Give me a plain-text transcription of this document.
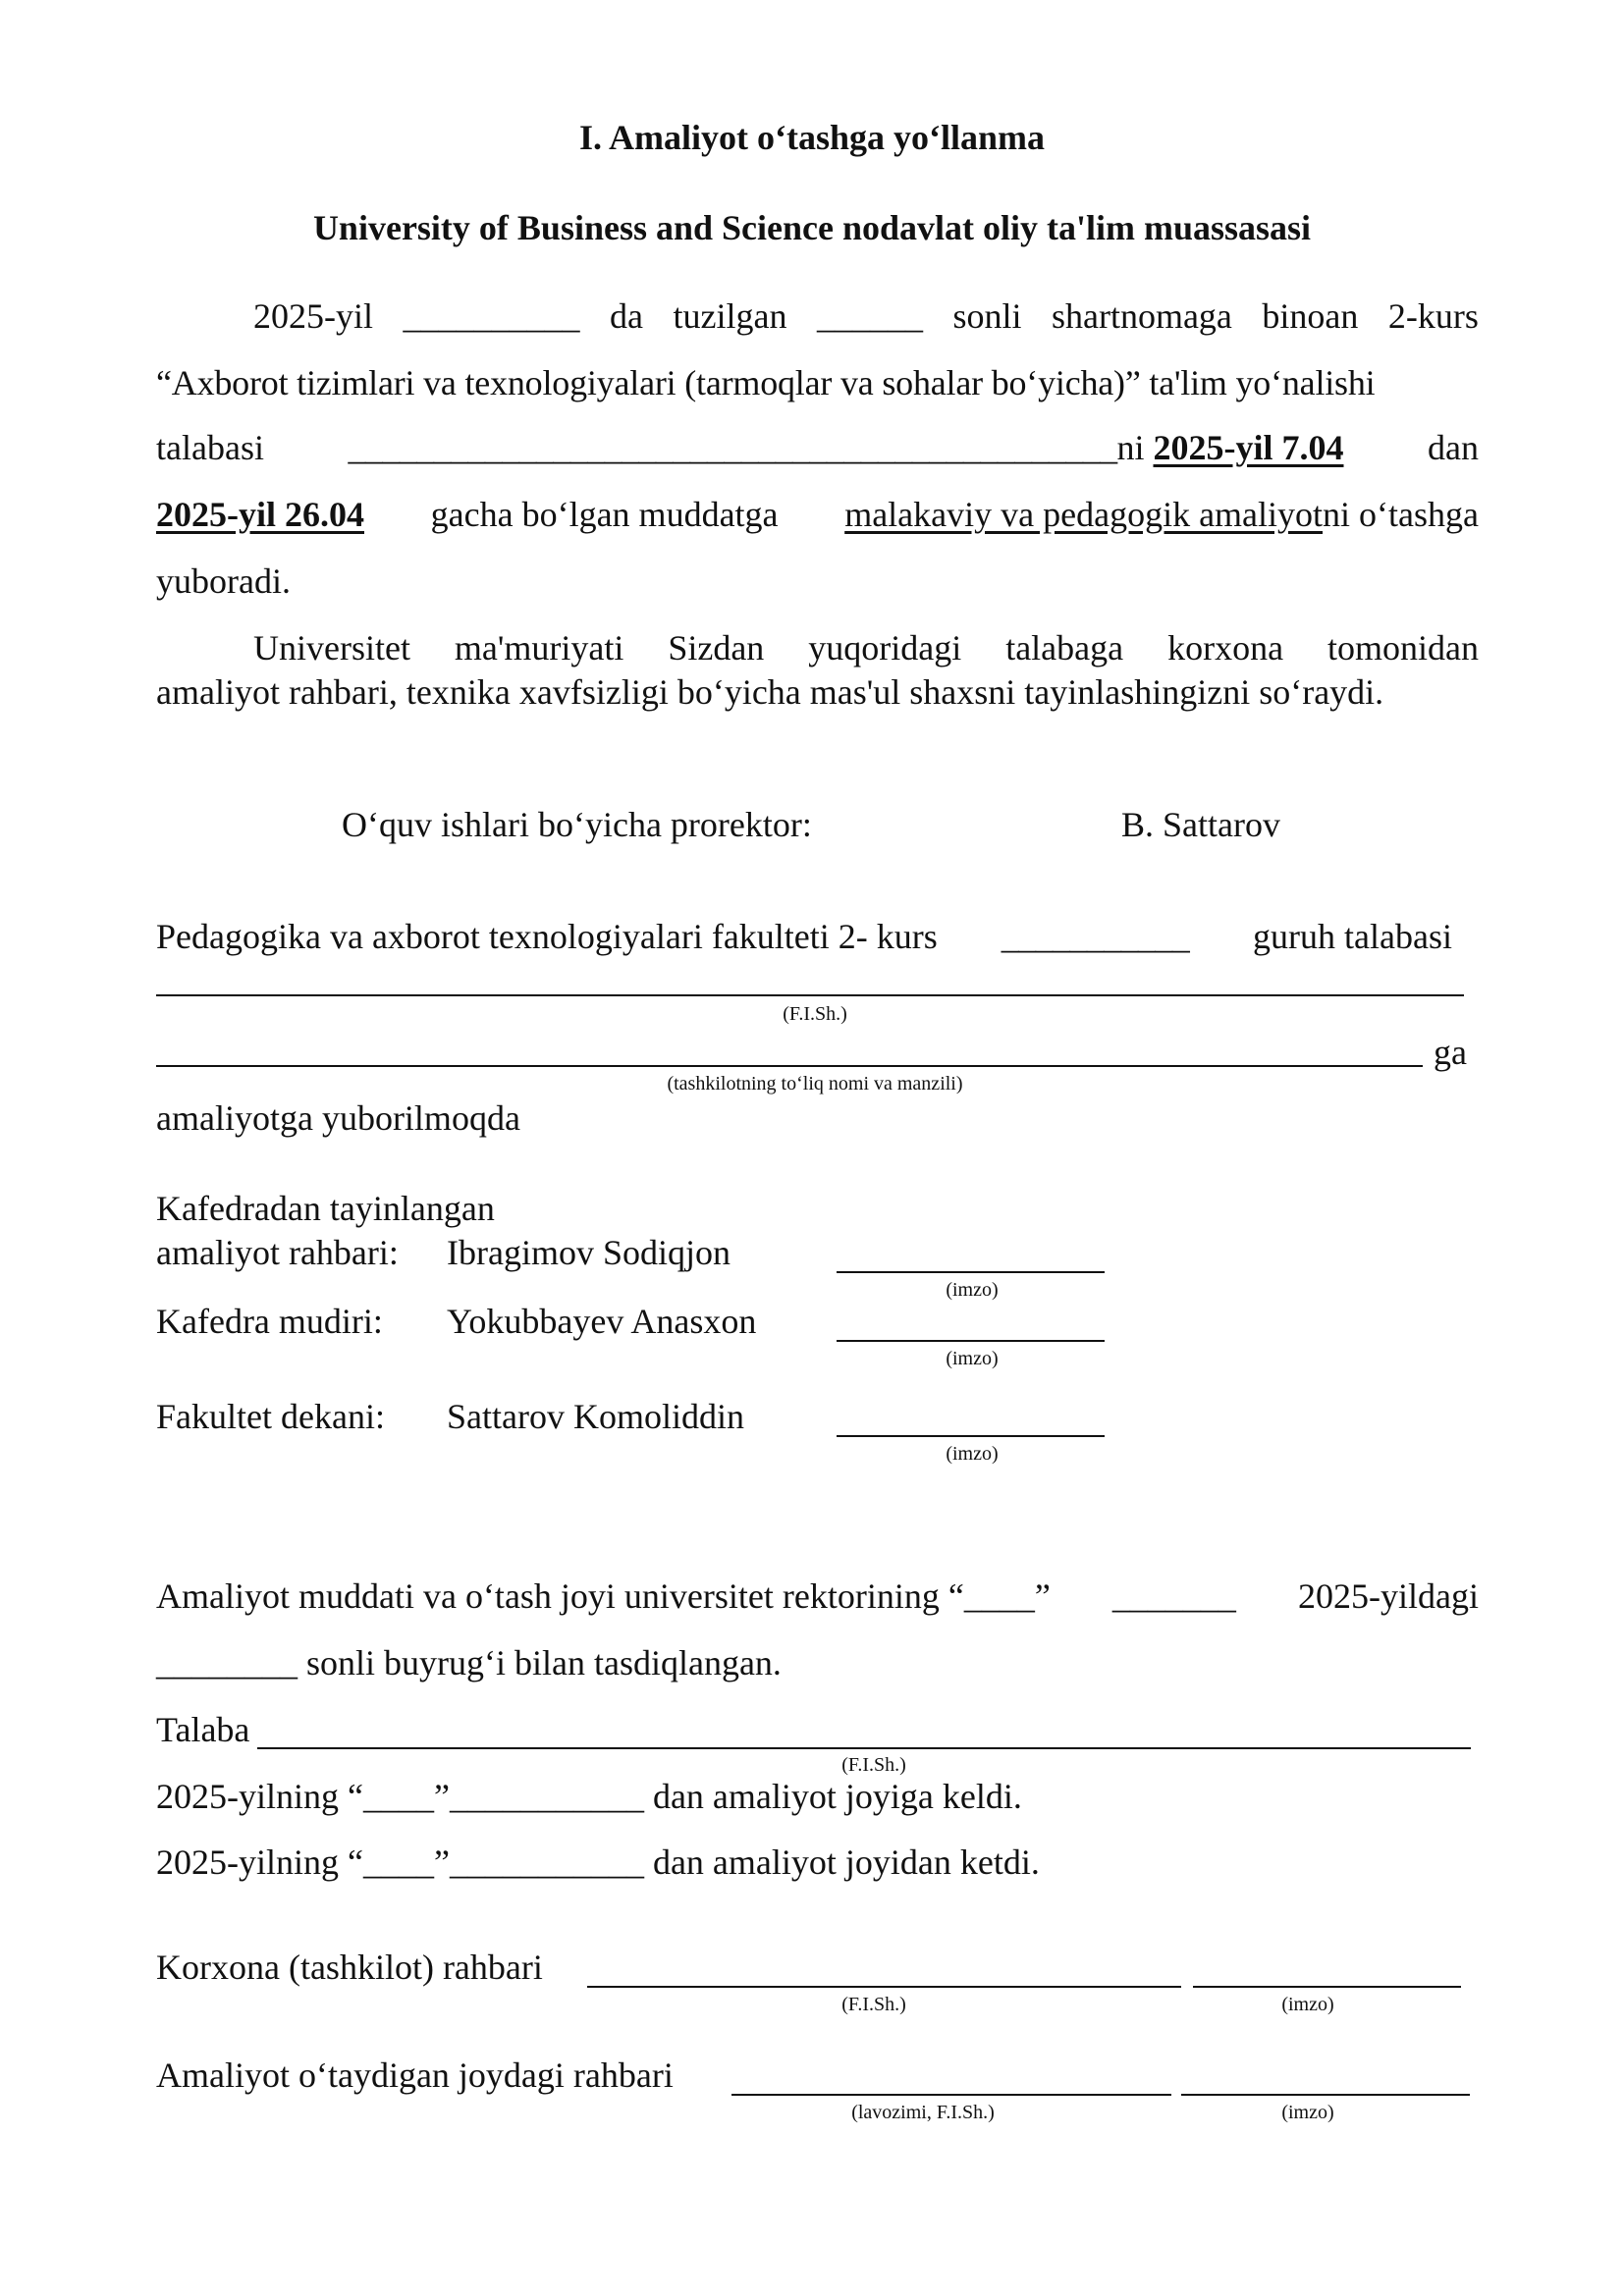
I. Amaliyot o‘tashga yo‘llanma
University of Business and Science nodavlat oliy ta'lim muassasasi
2025-yil __________ da tuzilgan ______ sonli shartnomaga binoan 2-kurs
“Axborot tizimlari va texnologiyalari (tarmoqlar va sohalar bo‘yicha)” ta'lim yo‘nalishi
talabasi _____________________________________________ni 2025-yil 7.04 dan
2025-yil 26.04 gacha bo‘lgan muddatga malakaviy va pedagogik amaliyotni o‘tashga
yuboradi.
Universitet ma'muriyati Sizdan yuqoridagi talabaga korxona tomonidan
amaliyot rahbari, texnika xavfsizligi bo‘yicha mas'ul shaxsni tayinlashingizni so‘raydi.
O‘quv ishlari bo‘yicha prorektor:	B. Sattarov
Pedagogika va axborot texnologiyalari fakulteti 2- kurs ___________ guruh talabasi
(F.I.Sh.)
ga
(tashkilotning to‘liq nomi va manzili)
amaliyotga yuborilmoqda
Kafedradan tayinlangan
amaliyot rahbari: Ibragimov Sodiqjon
(imzo)
Kafedra mudiri: Yokubbayev Anasxon
(imzo)
Fakultet dekani: Sattarov Komoliddin
(imzo)
Amaliyot muddati va o‘tash joyi universitet rektorining “____” _______ 2025-yildagi
________ sonli buyrug‘i bilan tasdiqlangan.
Talaba
(F.I.Sh.)
2025-yilning “____”___________ dan amaliyot joyiga keldi.
2025-yilning “____”___________ dan amaliyot joyidan ketdi.
Korxona (tashkilot) rahbari
(F.I.Sh.)	(imzo)
Amaliyot o‘taydigan joydagi rahbari
(lavozimi, F.I.Sh.)	(imzo)
